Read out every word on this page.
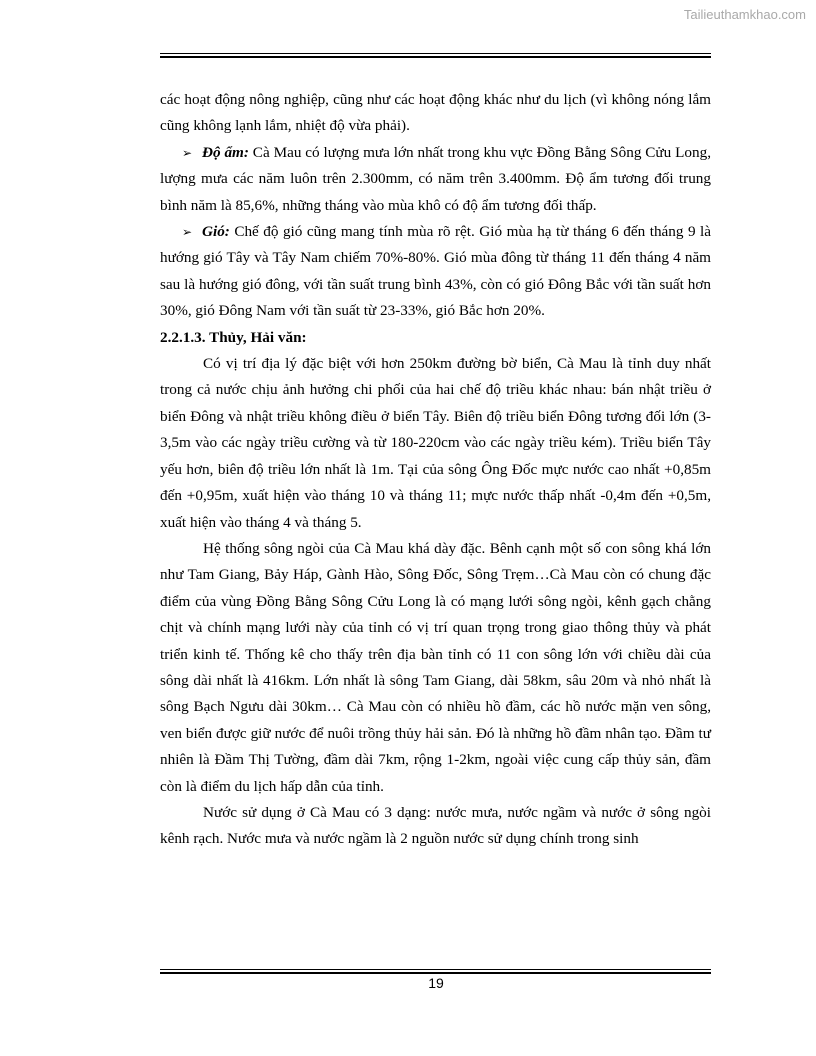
Tailieuthamkhao.com

các hoạt động nông nghiệp, cũng như các hoạt động khác như du lịch (vì không nóng lắm cũng không lạnh lắm, nhiệt độ vừa phải).

➢ Độ ẩm: Cà Mau có lượng mưa lớn nhất trong khu vực Đồng Bằng Sông Cửu Long, lượng mưa các năm luôn trên 2.300mm, có năm trên 3.400mm. Độ ẩm tương đối trung bình năm là 85,6%, những tháng vào mùa khô có độ ẩm tương đối thấp.

➢ Gió: Chế độ gió cũng mang tính mùa rõ rệt. Gió mùa hạ từ tháng 6 đến tháng 9 là hướng gió Tây và Tây Nam chiếm 70%-80%. Gió mùa đông từ tháng 11 đến tháng 4 năm sau là hướng gió đông, với tần suất trung bình 43%, còn có gió Đông Bắc với tần suất hơn 30%, gió Đông Nam với tần suất từ 23-33%, gió Bắc hơn 20%.

2.2.1.3. Thủy, Hải văn:

Có vị trí địa lý đặc biệt với hơn 250km đường bờ biển, Cà Mau là tỉnh duy nhất trong cả nước chịu ảnh hưởng chi phối của hai chế độ triều khác nhau: bán nhật triều ở biển Đông và nhật triều không điều ở biển Tây. Biên độ triều biển Đông tương đối lớn (3-3,5m vào các ngày triều cường và từ 180-220cm vào các ngày triều kém). Triều biển Tây yếu hơn, biên độ triều lớn nhất là 1m. Tại của sông Ông Đốc mực nước cao nhất +0,85m đến +0,95m, xuất hiện vào tháng 10 và tháng 11; mực nước thấp nhất -0,4m đến +0,5m, xuất hiện vào tháng 4 và tháng 5.

Hệ thống sông ngòi của Cà Mau khá dày đặc. Bênh cạnh một số con sông khá lớn như Tam Giang, Bảy Háp, Gành Hào, Sông Đốc, Sông Trẹm…Cà Mau còn có chung đặc điểm của vùng Đồng Bằng Sông Cửu Long là có mạng lưới sông ngòi, kênh gạch chằng chịt và chính mạng lưới này của tỉnh có vị trí quan trọng trong giao thông thủy và phát triển kinh tế. Thống kê cho thấy trên địa bàn tỉnh có 11 con sông lớn với chiều dài của sông dài nhất là 416km. Lớn nhất là sông Tam Giang, dài 58km, sâu 20m và nhỏ nhất là sông Bạch Ngưu dài 30km… Cà Mau còn có nhiều hồ đầm, các hồ nước mặn ven sông, ven biển được giữ nước để nuôi trồng thủy hải sản. Đó là những hồ đầm nhân tạo. Đầm tư nhiên là Đầm Thị Tường, đầm dài 7km, rộng 1-2km, ngoài việc cung cấp thủy sản, đầm còn là điểm du lịch hấp dẫn của tỉnh.

Nước sử dụng ở Cà Mau có 3 dạng: nước mưa, nước ngầm và nước ở sông ngòi kênh rạch. Nước mưa và nước ngầm là 2 nguồn nước sử dụng chính trong sinh

19
